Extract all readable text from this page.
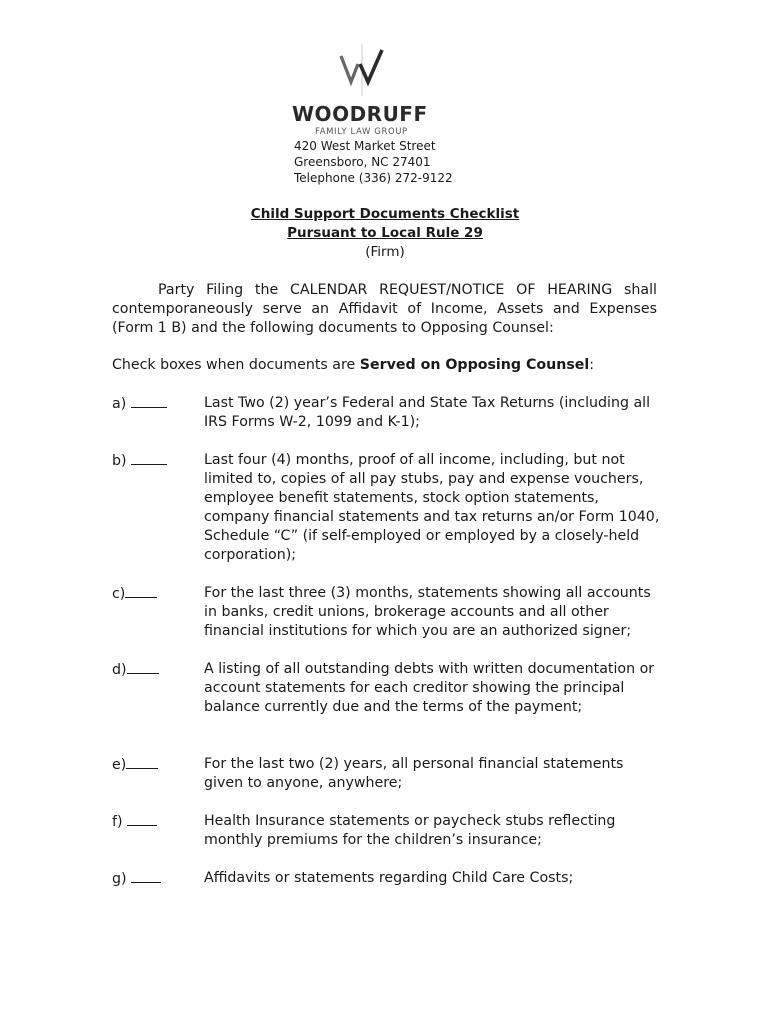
WOODRUFF
FAMILY LAW GROUP
420 West Market Street
Greensboro, NC 27401
Telephone (336) 272-9122
Child Support Documents Checklist
Pursuant to Local Rule 29
(Firm)
Party Filing the CALENDAR REQUEST/NOTICE OF HEARING shall contemporaneously serve an Affidavit of Income, Assets and Expenses (Form 1 B) and the following documents to Opposing Counsel:
Check boxes when documents are Served on Opposing Counsel:
a)	Last Two (2) year’s Federal and State Tax Returns (including all IRS Forms W-2, 1099 and K-1);
b)	Last four (4) months, proof of all income, including, but not limited to, copies of all pay stubs, pay and expense vouchers, employee benefit statements, stock option statements, company financial statements and tax returns an/or Form 1040, Schedule “C” (if self-employed or employed by a closely-held corporation);
c)	For the last three (3) months, statements showing all accounts in banks, credit unions, brokerage accounts and all other financial institutions for which you are an authorized signer;
d)	A listing of all outstanding debts with written documentation or account statements for each creditor showing the principal balance currently due and the terms of the payment;
e)	For the last two (2) years, all personal financial statements given to anyone, anywhere;
f)	Health Insurance statements or paycheck stubs reflecting monthly premiums for the children’s insurance;
g)	Affidavits or statements regarding Child Care Costs;
